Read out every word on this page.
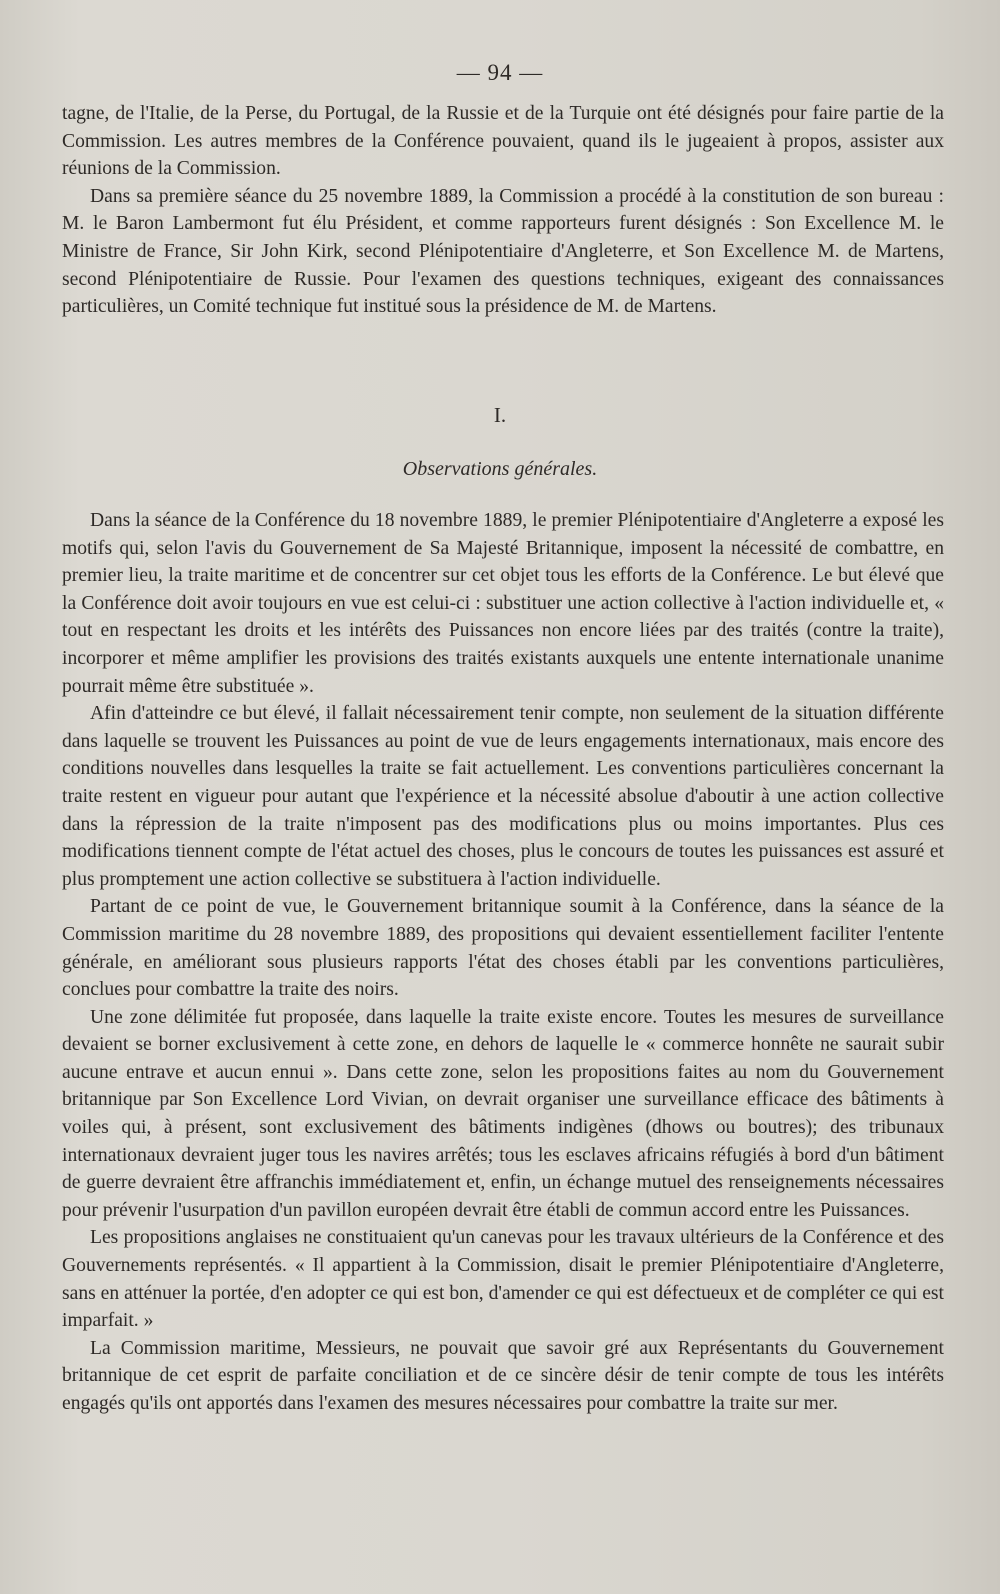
— 94 —

tagne, de l'Italie, de la Perse, du Portugal, de la Russie et de la Turquie ont été désignés pour faire partie de la Commission. Les autres membres de la Conférence pouvaient, quand ils le jugeaient à propos, assister aux réunions de la Commission.

Dans sa première séance du 25 novembre 1889, la Commission a procédé à la constitution de son bureau : M. le Baron Lambermont fut élu Président, et comme rapporteurs furent désignés : Son Excellence M. le Ministre de France, Sir John Kirk, second Plénipotentiaire d'Angleterre, et Son Excellence M. de Martens, second Plénipotentiaire de Russie. Pour l'examen des questions techniques, exigeant des connaissances particulières, un Comité technique fut institué sous la présidence de M. de Martens.

I.
Observations générales.

Dans la séance de la Conférence du 18 novembre 1889, le premier Plénipotentiaire d'Angleterre a exposé les motifs qui, selon l'avis du Gouvernement de Sa Majesté Britannique, imposent la nécessité de combattre, en premier lieu, la traite maritime et de concentrer sur cet objet tous les efforts de la Conférence. Le but élevé que la Conférence doit avoir toujours en vue est celui-ci : substituer une action collective à l'action individuelle et, « tout en respectant les droits et les intérêts des Puissances non encore liées par des traités (contre la traite), incorporer et même amplifier les provisions des traités existants auxquels une entente internationale unanime pourrait même être substituée ».

Afin d'atteindre ce but élevé, il fallait nécessairement tenir compte, non seulement de la situation différente dans laquelle se trouvent les Puissances au point de vue de leurs engagements internationaux, mais encore des conditions nouvelles dans lesquelles la traite se fait actuellement. Les conventions particulières concernant la traite restent en vigueur pour autant que l'expérience et la nécessité absolue d'aboutir à une action collective dans la répression de la traite n'imposent pas des modifications plus ou moins importantes. Plus ces modifications tiennent compte de l'état actuel des choses, plus le concours de toutes les puissances est assuré et plus promptement une action collective se substituera à l'action individuelle.

Partant de ce point de vue, le Gouvernement britannique soumit à la Conférence, dans la séance de la Commission maritime du 28 novembre 1889, des propositions qui devaient essentiellement faciliter l'entente générale, en améliorant sous plusieurs rapports l'état des choses établi par les conventions particulières, conclues pour combattre la traite des noirs.

Une zone délimitée fut proposée, dans laquelle la traite existe encore. Toutes les mesures de surveillance devaient se borner exclusivement à cette zone, en dehors de laquelle le « commerce honnête ne saurait subir aucune entrave et aucun ennui ». Dans cette zone, selon les propositions faites au nom du Gouvernement britannique par Son Excellence Lord Vivian, on devrait organiser une surveillance efficace des bâtiments à voiles qui, à présent, sont exclusivement des bâtiments indigènes (dhows ou boutres); des tribunaux internationaux devraient juger tous les navires arrêtés; tous les esclaves africains réfugiés à bord d'un bâtiment de guerre devraient être affranchis immédiatement et, enfin, un échange mutuel des renseignements nécessaires pour prévenir l'usurpation d'un pavillon européen devrait être établi de commun accord entre les Puissances.

Les propositions anglaises ne constituaient qu'un canevas pour les travaux ultérieurs de la Conférence et des Gouvernements représentés. « Il appartient à la Commission, disait le premier Plénipotentiaire d'Angleterre, sans en atténuer la portée, d'en adopter ce qui est bon, d'amender ce qui est défectueux et de compléter ce qui est imparfait. »

La Commission maritime, Messieurs, ne pouvait que savoir gré aux Représentants du Gouvernement britannique de cet esprit de parfaite conciliation et de ce sincère désir de tenir compte de tous les intérêts engagés qu'ils ont apportés dans l'examen des mesures nécessaires pour combattre la traite sur mer.
